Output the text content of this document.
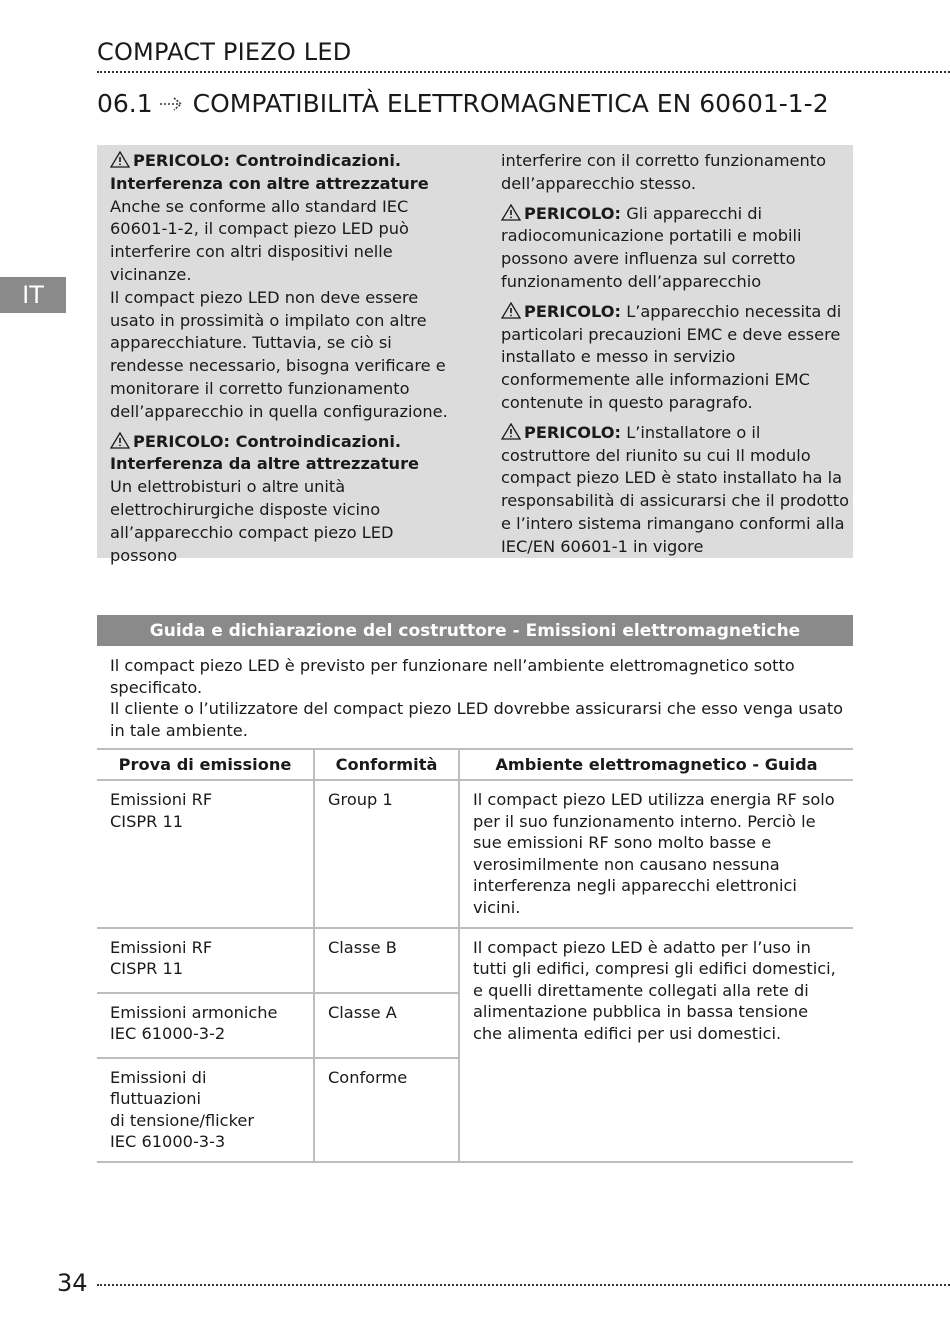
COMPACT PIEZO LED
06.1 COMPATIBILITÀ ELETTROMAGNETICA EN 60601-1-2
IT

PERICOLO: Controindicazioni.
Interferenza con altre attrezzature
Anche se conforme allo standard IEC 60601-1-2, il compact piezo LED può interferire con altri dispositivi nelle vicinanze.

Il compact piezo LED non deve essere usato in prossimità o impilato con altre apparecchiature. Tuttavia, se ciò si rendesse necessario, bisogna verificare e monitorare il corretto funzionamento dell’apparecchio in quella configurazione.

PERICOLO: Controindicazioni.
Interferenza da altre attrezzature
Un elettrobisturi o altre unità elettrochirurgiche disposte vicino all’apparecchio compact piezo LED possono

interferire con il corretto funzionamento dell’apparecchio stesso.

PERICOLO: Gli apparecchi di radiocomunicazione portatili e mobili possono avere influenza sul corretto funzionamento dell’apparecchio

PERICOLO: L’apparecchio necessita di particolari precauzioni EMC e deve essere installato e messo in servizio conformemente alle informazioni EMC contenute in questo paragrafo.

PERICOLO: L’installatore o il costruttore del riunito su cui Il modulo compact piezo LED è stato installato ha la responsabilità di assicurarsi che il prodotto e l’intero sistema rimangano conformi alla IEC/EN 60601-1 in vigore

Guida e dichiarazione del costruttore - Emissioni elettromagnetiche

Il compact piezo LED è previsto per funzionare nell’ambiente elettromagnetico sotto specificato.

Il cliente o l’utilizzatore del compact piezo LED dovrebbe assicurarsi che esso venga usato in tale ambiente.

Prova di emissione	Conformità	Ambiente elettromagnetico - Guida
Emissioni RF
CISPR 11	Group 1	Il compact piezo LED utilizza energia RF solo per il suo funzionamento interno. Perciò le sue emissioni RF sono molto basse e verosimilmente non causano nessuna interferenza negli apparecchi elettronici vicini.
Emissioni RF
CISPR 11	Classe B	Il compact piezo LED è adatto per l’uso in tutti gli edifici, compresi gli edifici domestici, e quelli direttamente collegati alla rete di alimentazione pubblica in bassa tensione che alimenta edifici per usi domestici.
Emissioni armoniche
IEC 61000-3-2	Classe A	
Emissioni di fluttuazioni
di tensione/flicker
IEC 61000-3-3	Conforme	
34
